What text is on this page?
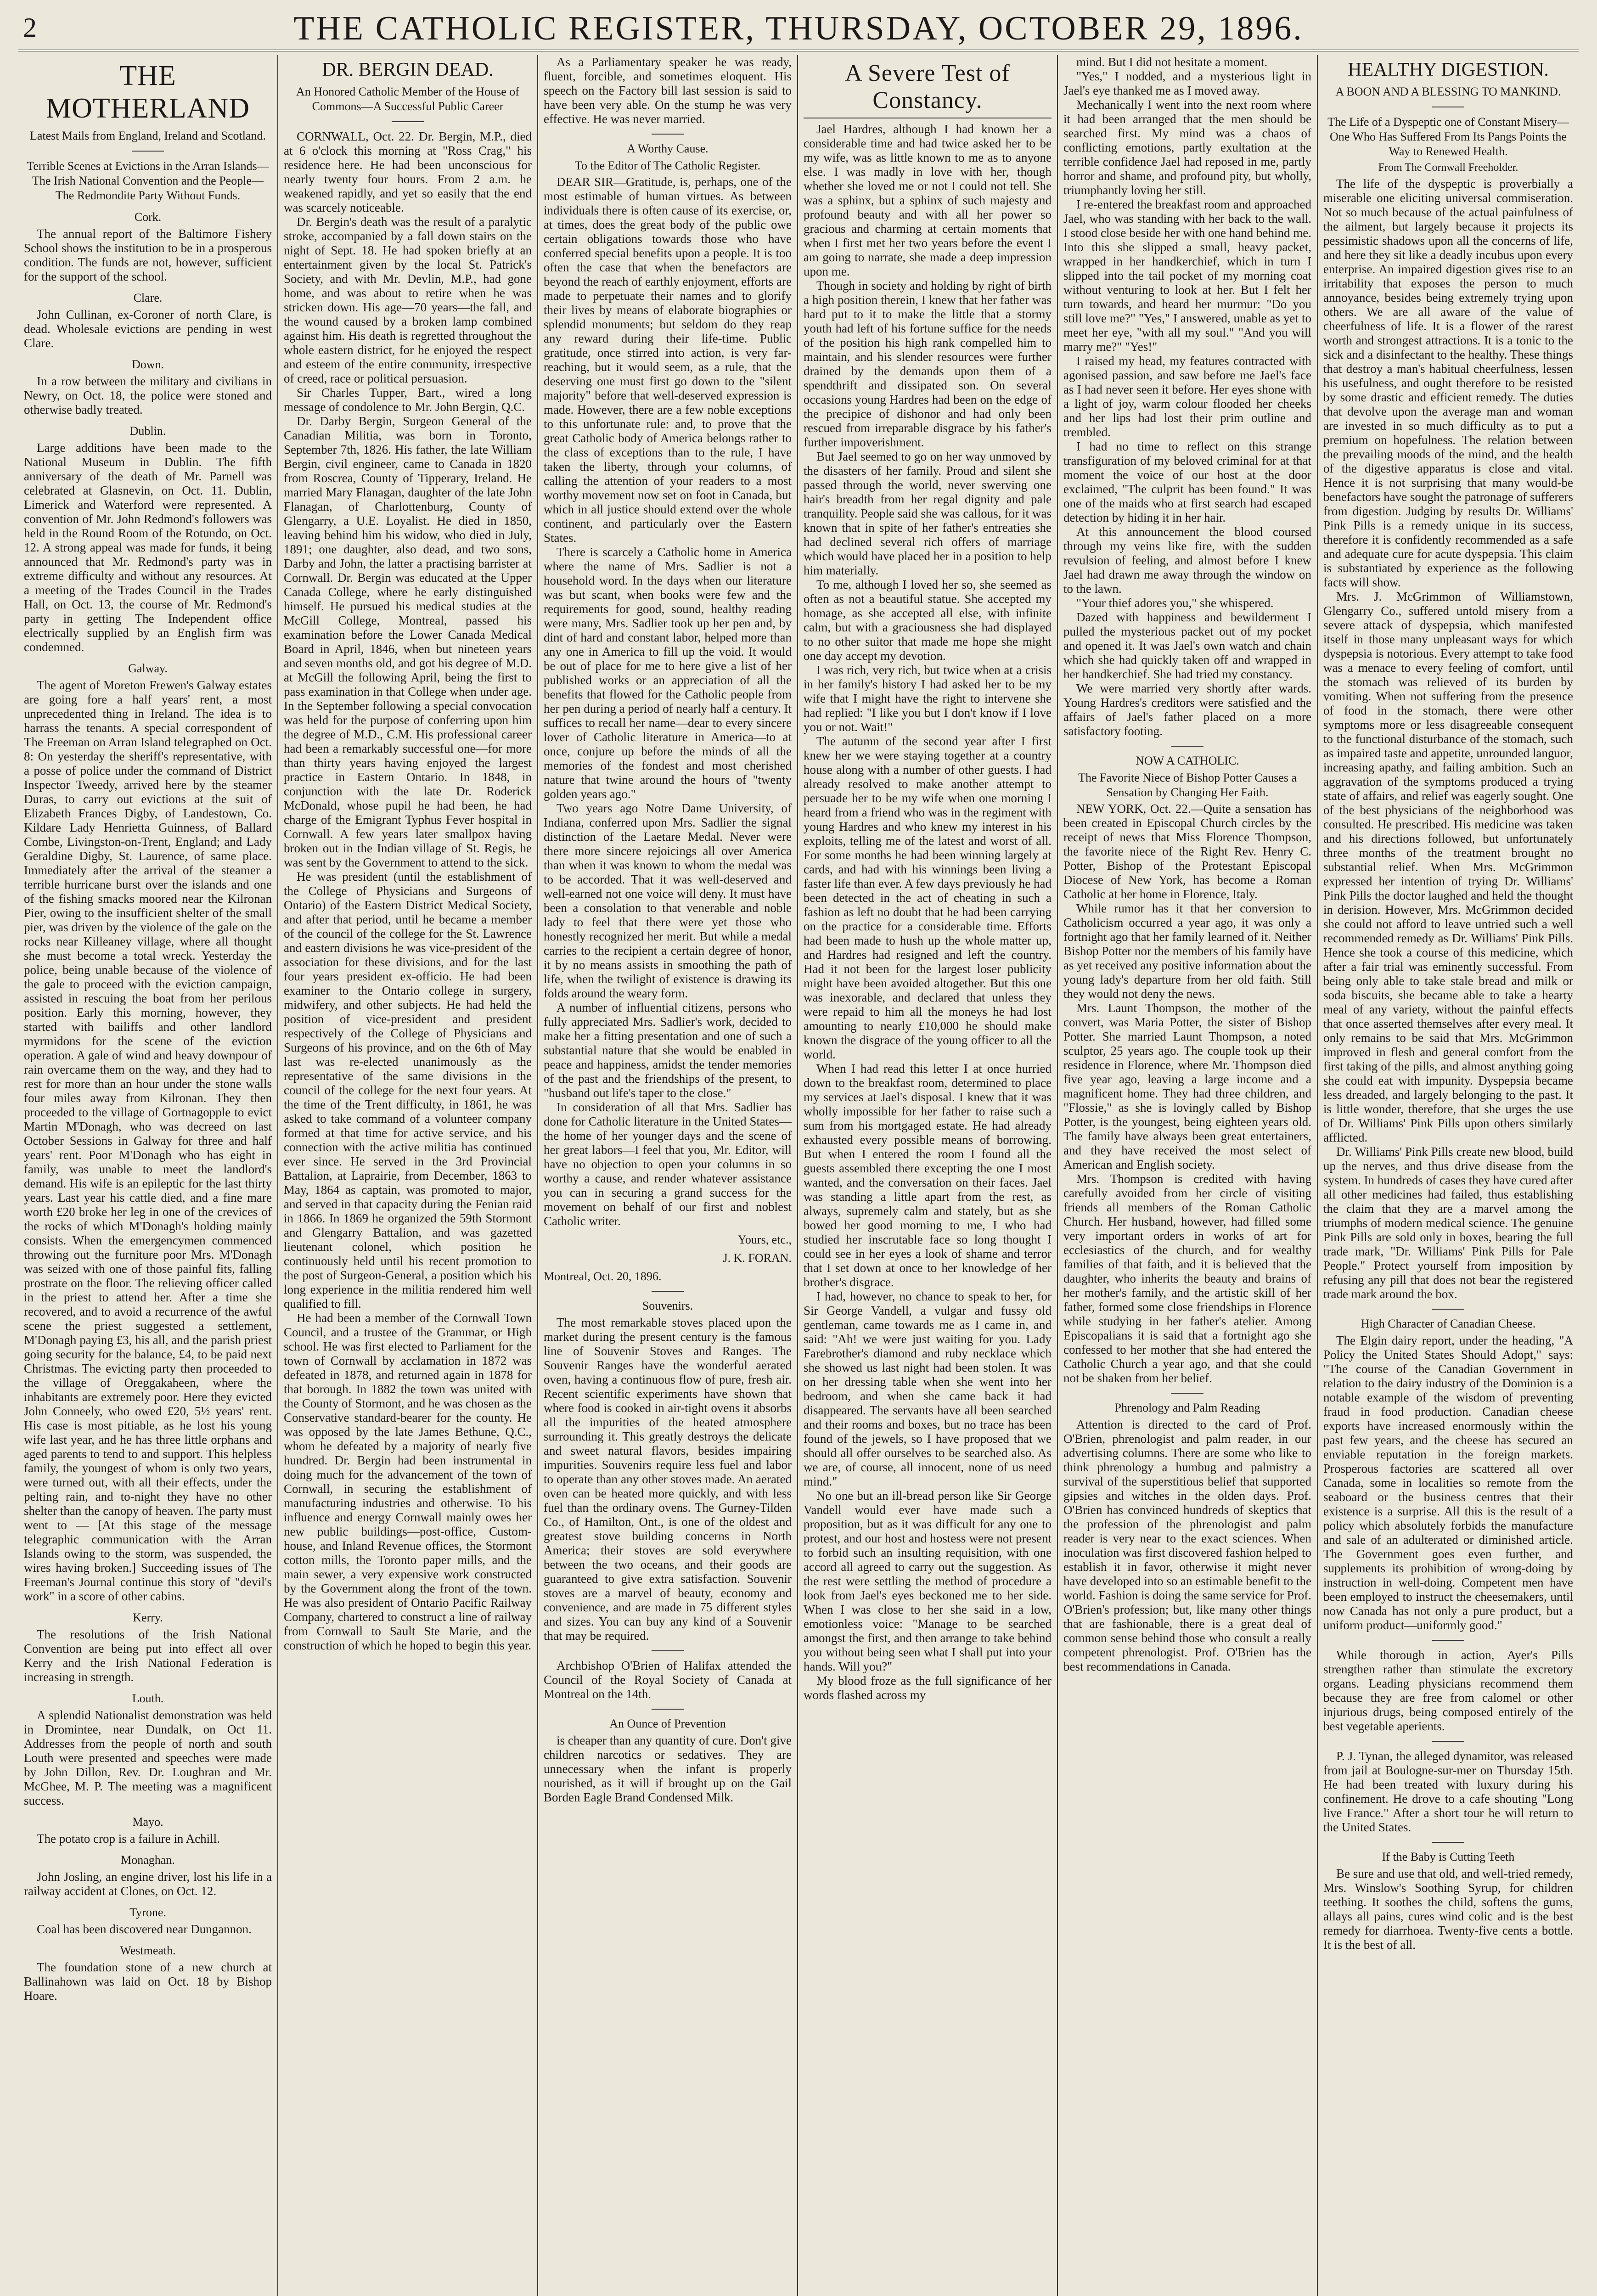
2	THE CATHOLIC REGISTER, THURSDAY, OCTOBER 29, 1896.
THE MOTHERLAND
Latest Mails from England, Ireland and Scotland.
Terrible Scenes at Evictions in the Arran Islands—The Irish National Convention and the People—The Redmondite Party Without Funds.
Cork.

The annual report of the Baltimore Fishery School shows the institution to be in a prosperous condition. The funds are not, however, sufficient for the support of the school.

Clare.

John Cullinan, ex-Coroner of north Clare, is dead. Wholesale evictions are pending in west Clare.

Down.

In a row between the military and civilians in Newry, on Oct. 18, the police were stoned and otherwise badly treated.

Dublin.

Large additions have been made to the National Museum in Dublin. The fifth anniversary of the death of Mr. Parnell was celebrated at Glasnevin, on Oct. 11. Dublin, Limerick and Waterford were represented. A convention of Mr. John Redmond's followers was held in the Round Room of the Rotundo, on Oct. 12. A strong appeal was made for funds, it being announced that Mr. Redmond's party was in extreme difficulty and without any resources. At a meeting of the Trades Council in the Trades Hall, on Oct. 13, the course of Mr. Redmond's party in getting The Independent office electrically supplied by an English firm was condemned.

Galway.

The agent of Moreton Frewen's Galway estates are going fore a half years' rent, a most unprecedented thing in Ireland. The idea is to harrass the tenants. A special correspondent of The Freeman on Arran Island telegraphed on Oct. 8: On yesterday the sheriff's representative, with a posse of police under the command of District Inspector Tweedy, arrived here by the steamer Duras, to carry out evictions at the suit of Elizabeth Frances Digby, of Landestown, Co. Kildare Lady Henrietta Guinness, of Ballard Combe, Livingston-on-Trent, England; and Lady Geraldine Digby, St. Laurence, of same place. Immediately after the arrival of the steamer a terrible hurricane burst over the islands and one of the fishing smacks moored near the Kilronan Pier, owing to the insufficient shelter of the small pier, was driven by the violence of the gale on the rocks near Killeaney village, where all thought she must become a total wreck. Yesterday the police, being unable because of the violence of the gale to proceed with the eviction campaign, assisted in rescuing the boat from her perilous position. Early this morning, however, they started with bailiffs and other landlord myrmidons for the scene of the eviction operation. A gale of wind and heavy downpour of rain overcame them on the way, and they had to rest for more than an hour under the stone walls four miles away from Kilronan. They then proceeded to the village of Gortnagopple to evict Martin M'Donagh, who was decreed on last October Sessions in Galway for three and half years' rent. Poor M'Donagh who has eight in family, was unable to meet the landlord's demand. His wife is an epileptic for the last thirty years. Last year his cattle died, and a fine mare worth £20 broke her leg in one of the crevices of the rocks of which M'Donagh's holding mainly consists. When the emergencymen commenced throwing out the furniture poor Mrs. M'Donagh was seized with one of those painful fits, falling prostrate on the floor. The relieving officer called in the priest to attend her. After a time she recovered, and to avoid a recurrence of the awful scene the priest suggested a settlement, M'Donagh paying £3, his all, and the parish priest going security for the balance, £4, to be paid next Christmas. The evicting party then proceeded to the village of Oreggakaheen, where the inhabitants are extremely poor. Here they evicted John Conneely, who owed £20, 5½ years' rent. His case is most pitiable, as he lost his young wife last year, and he has three little orphans and aged parents to tend to and support. This helpless family, the youngest of whom is only two years, were turned out, with all their effects, under the pelting rain, and to-night they have no other shelter than the canopy of heaven. The party must went to — [At this stage of the message telegraphic communication with the Arran Islands owing to the storm, was suspended, the wires having broken.] Succeeding issues of The Freeman's Journal continue this story of "devil's work" in a score of other cabins.

Kerry.

The resolutions of the Irish National Convention are being put into effect all over Kerry and the Irish National Federation is increasing in strength.

Louth.

A splendid Nationalist demonstration was held in Dromintee, near Dundalk, on Oct 11. Addresses from the people of north and south Louth were presented and speeches were made by John Dillon, Rev. Dr. Loughran and Mr. McGhee, M. P. The meeting was a magnificent success.

Mayo.

The potato crop is a failure in Achill.

Monaghan.

John Josling, an engine driver, lost his life in a railway accident at Clones, on Oct. 12.

Tyrone.

Coal has been discovered near Dungannon.

Westmeath.

The foundation stone of a new church at Ballinahown was laid on Oct. 18 by Bishop Hoare.

DR. BERGIN DEAD.
An Honored Catholic Member of the House of Commons—A Successful Public Career

CORNWALL, Oct. 22. Dr. Bergin, M.P., died at 6 o'clock this morning at "Ross Crag," his residence here. He had been unconscious for nearly twenty four hours. From 2 a.m. he weakened rapidly, and yet so easily that the end was scarcely noticeable.

Dr. Bergin's death was the result of a paralytic stroke, accompanied by a fall down stairs on the night of Sept. 18. He had spoken briefly at an entertainment given by the local St. Patrick's Society, and with Mr. Devlin, M.P., had gone home, and was about to retire when he was stricken down. His age—70 years—the fall, and the wound caused by a broken lamp combined against him. His death is regretted throughout the whole eastern district, for he enjoyed the respect and esteem of the entire community, irrespective of creed, race or political persuasion.

Sir Charles Tupper, Bart., wired a long message of condolence to Mr. John Bergin, Q.C.

Dr. Darby Bergin, Surgeon General of the Canadian Militia, was born in Toronto, September 7th, 1826. His father, the late William Bergin, civil engineer, came to Canada in 1820 from Roscrea, County of Tipperary, Ireland. He married Mary Flanagan, daughter of the late John Flanagan, of Charlottenburg, County of Glengarry, a U.E. Loyalist. He died in 1850, leaving behind him his widow, who died in July, 1891; one daughter, also dead, and two sons, Darby and John, the latter a practising barrister at Cornwall. Dr. Bergin was educated at the Upper Canada College, where he early distinguished himself. He pursued his medical studies at the McGill College, Montreal, passed his examination before the Lower Canada Medical Board in April, 1846, when but nineteen years and seven months old, and got his degree of M.D. at McGill the following April, being the first to pass examination in that College when under age. In the September following a special convocation was held for the purpose of conferring upon him the degree of M.D., C.M. His professional career had been a remarkably successful one—for more than thirty years having enjoyed the largest practice in Eastern Ontario. In 1848, in conjunction with the late Dr. Roderick McDonald, whose pupil he had been, he had charge of the Emigrant Typhus Fever hospital in Cornwall. A few years later smallpox having broken out in the Indian village of St. Regis, he was sent by the Government to attend to the sick.

He was president (until the establishment of the College of Physicians and Surgeons of Ontario) of the Eastern District Medical Society, and after that period, until he became a member of the council of the college for the St. Lawrence and eastern divisions he was vice-president of the association for these divisions, and for the last four years president ex-officio. He had been examiner to the Ontario college in surgery, midwifery, and other subjects. He had held the position of vice-president and president respectively of the College of Physicians and Surgeons of his province, and on the 6th of May last was re-elected unanimously as the representative of the same divisions in the council of the college for the next four years. At the time of the Trent difficulty, in 1861, he was asked to take command of a volunteer company formed at that time for active service, and his connection with the active militia has continued ever since. He served in the 3rd Provincial Battalion, at Laprairie, from December, 1863 to May, 1864 as captain, was promoted to major, and served in that capacity during the Fenian raid in 1866. In 1869 he organized the 59th Stormont and Glengarry Battalion, and was gazetted lieutenant colonel, which position he continuously held until his recent promotion to the post of Surgeon-General, a position which his long experience in the militia rendered him well qualified to fill.

He had been a member of the Cornwall Town Council, and a trustee of the Grammar, or High school. He was first elected to Parliament for the town of Cornwall by acclamation in 1872 was defeated in 1878, and returned again in 1878 for that borough. In 1882 the town was united with the County of Stormont, and he was chosen as the Conservative standard-bearer for the county. He was opposed by the late James Bethune, Q.C., whom he defeated by a majority of nearly five hundred. Dr. Bergin had been instrumental in doing much for the advancement of the town of Cornwall, in securing the establishment of manufacturing industries and otherwise. To his influence and energy Cornwall mainly owes her new public buildings—post-office, Custom-house, and Inland Revenue offices, the Stormont cotton mills, the Toronto paper mills, and the main sewer, a very expensive work constructed by the Government along the front of the town. He was also president of Ontario Pacific Railway Company, chartered to construct a line of railway from Cornwall to Sault Ste Marie, and the construction of which he hoped to begin this year.

As a Parliamentary speaker he was ready, fluent, forcible, and sometimes eloquent. His speech on the Factory bill last session is said to have been very able. On the stump he was very effective. He was never married.

A Worthy Cause.
To the Editor of The Catholic Register.

DEAR SIR—Gratitude, is, perhaps, one of the most estimable of human virtues. As between individuals there is often cause of its exercise, or, at times, does the great body of the public owe certain obligations towards those who have conferred special benefits upon a people. It is too often the case that when the benefactors are beyond the reach of earthly enjoyment, efforts are made to perpetuate their names and to glorify their lives by means of elaborate biographies or splendid monuments; but seldom do they reap any reward during their life-time. Public gratitude, once stirred into action, is very far-reaching, but it would seem, as a rule, that the deserving one must first go down to the "silent majority" before that well-deserved expression is made. However, there are a few noble exceptions to this unfortunate rule: and, to prove that the great Catholic body of America belongs rather to the class of exceptions than to the rule, I have taken the liberty, through your columns, of calling the attention of your readers to a most worthy movement now set on foot in Canada, but which in all justice should extend over the whole continent, and particularly over the Eastern States.

There is scarcely a Catholic home in America where the name of Mrs. Sadlier is not a household word. In the days when our literature was but scant, when books were few and the requirements for good, sound, healthy reading were many, Mrs. Sadlier took up her pen and, by dint of hard and constant labor, helped more than any one in America to fill up the void. It would be out of place for me to here give a list of her published works or an appreciation of all the benefits that flowed for the Catholic people from her pen during a period of nearly half a century. It suffices to recall her name—dear to every sincere lover of Catholic literature in America—to at once, conjure up before the minds of all the memories of the fondest and most cherished nature that twine around the hours of "twenty golden years ago."

Two years ago Notre Dame University, of Indiana, conferred upon Mrs. Sadlier the signal distinction of the Laetare Medal. Never were there more sincere rejoicings all over America than when it was known to whom the medal was to be accorded. That it was well-deserved and well-earned not one voice will deny. It must have been a consolation to that venerable and noble lady to feel that there were yet those who honestly recognized her merit. But while a medal carries to the recipient a certain degree of honor, it by no means assists in smoothing the path of life, when the twilight of existence is drawing its folds around the weary form.

A number of influential citizens, persons who fully appreciated Mrs. Sadlier's work, decided to make her a fitting presentation and one of such a substantial nature that she would be enabled in peace and happiness, amidst the tender memories of the past and the friendships of the present, to "husband out life's taper to the close."

In consideration of all that Mrs. Sadlier has done for Catholic literature in the United States—the home of her younger days and the scene of her great labors—I feel that you, Mr. Editor, will have no objection to open your columns in so worthy a cause, and render whatever assistance you can in securing a grand success for the movement on behalf of our first and noblest Catholic writer.

Yours, etc.,
J. K. FORAN.
Montreal, Oct. 20, 1896.
Souvenirs.

The most remarkable stoves placed upon the market during the present century is the famous line of Souvenir Stoves and Ranges. The Souvenir Ranges have the wonderful aerated oven, having a continuous flow of pure, fresh air. Recent scientific experiments have shown that where food is cooked in air-tight ovens it absorbs all the impurities of the heated atmosphere surrounding it. This greatly destroys the delicate and sweet natural flavors, besides impairing impurities. Souvenirs require less fuel and labor to operate than any other stoves made. An aerated oven can be heated more quickly, and with less fuel than the ordinary ovens. The Gurney-Tilden Co., of Hamilton, Ont., is one of the oldest and greatest stove building concerns in North America; their stoves are sold everywhere between the two oceans, and their goods are guaranteed to give extra satisfaction. Souvenir stoves are a marvel of beauty, economy and convenience, and are made in 75 different styles and sizes. You can buy any kind of a Souvenir that may be required.

Archbishop O'Brien of Halifax attended the Council of the Royal Society of Canada at Montreal on the 14th.

An Ounce of Prevention

is cheaper than any quantity of cure. Don't give children narcotics or sedatives. They are unnecessary when the infant is properly nourished, as it will if brought up on the Gail Borden Eagle Brand Condensed Milk.

A Severe Test of Constancy.

Jael Hardres, although I had known her a considerable time and had twice asked her to be my wife, was as little known to me as to anyone else. I was madly in love with her, though whether she loved me or not I could not tell. She was a sphinx, but a sphinx of such majesty and profound beauty and with all her power so gracious and charming at certain moments that when I first met her two years before the event I am going to narrate, she made a deep impression upon me.

Though in society and holding by right of birth a high position therein, I knew that her father was hard put to it to make the little that a stormy youth had left of his fortune suffice for the needs of the position his high rank compelled him to maintain, and his slender resources were further drained by the demands upon them of a spendthrift and dissipated son. On several occasions young Hardres had been on the edge of the precipice of dishonor and had only been rescued from irreparable disgrace by his father's further impoverishment.

But Jael seemed to go on her way unmoved by the disasters of her family. Proud and silent she passed through the world, never swerving one hair's breadth from her regal dignity and pale tranquility. People said she was callous, for it was known that in spite of her father's entreaties she had declined several rich offers of marriage which would have placed her in a position to help him materially.

To me, although I loved her so, she seemed as often as not a beautiful statue. She accepted my homage, as she accepted all else, with infinite calm, but with a graciousness she had displayed to no other suitor that made me hope she might one day accept my devotion.

I was rich, very rich, but twice when at a crisis in her family's history I had asked her to be my wife that I might have the right to intervene she had replied: "I like you but I don't know if I love you or not. Wait!"

The autumn of the second year after I first knew her we were staying together at a country house along with a number of other guests. I had already resolved to make another attempt to persuade her to be my wife when one morning I heard from a friend who was in the regiment with young Hardres and who knew my interest in his exploits, telling me of the latest and worst of all. For some months he had been winning largely at cards, and had with his winnings been living a faster life than ever. A few days previously he had been detected in the act of cheating in such a fashion as left no doubt that he had been carrying on the practice for a considerable time. Efforts had been made to hush up the whole matter up, and Hardres had resigned and left the country. Had it not been for the largest loser publicity might have been avoided altogether. But this one was inexorable, and declared that unless they were repaid to him all the moneys he had lost amounting to nearly £10,000 he should make known the disgrace of the young officer to all the world.

When I had read this letter I at once hurried down to the breakfast room, determined to place my services at Jael's disposal. I knew that it was wholly impossible for her father to raise such a sum from his mortgaged estate. He had already exhausted every possible means of borrowing. But when I entered the room I found all the guests assembled there excepting the one I most wanted, and the conversation on their faces. Jael was standing a little apart from the rest, as always, supremely calm and stately, but as she bowed her good morning to me, I who had studied her inscrutable face so long thought I could see in her eyes a look of shame and terror that I set down at once to her knowledge of her brother's disgrace.

I had, however, no chance to speak to her, for Sir George Vandell, a vulgar and fussy old gentleman, came towards me as I came in, and said: "Ah! we were just waiting for you. Lady Farebrother's diamond and ruby necklace which she showed us last night had been stolen. It was on her dressing table when she went into her bedroom, and when she came back it had disappeared. The servants have all been searched and their rooms and boxes, but no trace has been found of the jewels, so I have proposed that we should all offer ourselves to be searched also. As we are, of course, all innocent, none of us need mind."

No one but an ill-bread person like Sir George Vandell would ever have made such a proposition, but as it was difficult for any one to protest, and our host and hostess were not present to forbid such an insulting requisition, with one accord all agreed to carry out the suggestion. As the rest were settling the method of procedure a look from Jael's eyes beckoned me to her side. When I was close to her she said in a low, emotionless voice: "Manage to be searched amongst the first, and then arrange to take behind you without being seen what I shall put into your hands. Will you?"

My blood froze as the full significance of her words flashed across my

mind. But I did not hesitate a moment.

"Yes," I nodded, and a mysterious light in Jael's eye thanked me as I moved away.

Mechanically I went into the next room where it had been arranged that the men should be searched first. My mind was a chaos of conflicting emotions, partly exultation at the terrible confidence Jael had reposed in me, partly horror and shame, and profound pity, but wholly, triumphantly loving her still.

I re-entered the breakfast room and approached Jael, who was standing with her back to the wall. I stood close beside her with one hand behind me. Into this she slipped a small, heavy packet, wrapped in her handkerchief, which in turn I slipped into the tail pocket of my morning coat without venturing to look at her. But I felt her turn towards, and heard her murmur: "Do you still love me?" "Yes," I answered, unable as yet to meet her eye, "with all my soul." "And you will marry me?" "Yes!"

I raised my head, my features contracted with agonised passion, and saw before me Jael's face as I had never seen it before. Her eyes shone with a light of joy, warm colour flooded her cheeks and her lips had lost their prim outline and trembled.

I had no time to reflect on this strange transfiguration of my beloved criminal for at that moment the voice of our host at the door exclaimed, "The culprit has been found." It was one of the maids who at first search had escaped detection by hiding it in her hair.

At this announcement the blood coursed through my veins like fire, with the sudden revulsion of feeling, and almost before I knew Jael had drawn me away through the window on to the lawn.

"Your thief adores you," she whispered.

Dazed with happiness and bewilderment I pulled the mysterious packet out of my pocket and opened it. It was Jael's own watch and chain which she had quickly taken off and wrapped in her handkerchief. She had tried my constancy.

We were married very shortly after wards. Young Hardres's creditors were satisfied and the affairs of Jael's father placed on a more satisfactory footing.

NOW A CATHOLIC.
The Favorite Niece of Bishop Potter Causes a Sensation by Changing Her Faith.

NEW YORK, Oct. 22.—Quite a sensation has been created in Episcopal Church circles by the receipt of news that Miss Florence Thompson, the favorite niece of the Right Rev. Henry C. Potter, Bishop of the Protestant Episcopal Diocese of New York, has become a Roman Catholic at her home in Florence, Italy.

While rumor has it that her conversion to Catholicism occurred a year ago, it was only a fortnight ago that her family learned of it. Neither Bishop Potter nor the members of his family have as yet received any positive information about the young lady's departure from her old faith. Still they would not deny the news.

Mrs. Launt Thompson, the mother of the convert, was Maria Potter, the sister of Bishop Potter. She married Launt Thompson, a noted sculptor, 25 years ago. The couple took up their residence in Florence, where Mr. Thompson died five year ago, leaving a large income and a magnificent home. They had three children, and "Flossie," as she is lovingly called by Bishop Potter, is the youngest, being eighteen years old. The family have always been great entertainers, and they have received the most select of American and English society.

Mrs. Thompson is credited with having carefully avoided from her circle of visiting friends all members of the Roman Catholic Church. Her husband, however, had filled some very important orders in works of art for ecclesiastics of the church, and for wealthy families of that faith, and it is believed that the daughter, who inherits the beauty and brains of her mother's family, and the artistic skill of her father, formed some close friendships in Florence while studying in her father's atelier. Among Episcopalians it is said that a fortnight ago she confessed to her mother that she had entered the Catholic Church a year ago, and that she could not be shaken from her belief.

Phrenology and Palm Reading

Attention is directed to the card of Prof. O'Brien, phrenologist and palm reader, in our advertising columns. There are some who like to think phrenology a humbug and palmistry a survival of the superstitious belief that supported gipsies and witches in the olden days. Prof. O'Brien has convinced hundreds of skeptics that the profession of the phrenologist and palm reader is very near to the exact sciences. When inoculation was first discovered fashion helped to establish it in favor, otherwise it might never have developed into so an estimable benefit to the world. Fashion is doing the same service for Prof. O'Brien's profession; but, like many other things that are fashionable, there is a great deal of common sense behind those who consult a really competent phrenologist. Prof. O'Brien has the best recommendations in Canada.

HEALTHY DIGESTION.
A BOON AND A BLESSING TO MANKIND.
The Life of a Dyspeptic one of Constant Misery—One Who Has Suffered From Its Pangs Points the Way to Renewed Health.
From The Cornwall Freeholder.

The life of the dyspeptic is proverbially a miserable one eliciting universal commiseration. Not so much because of the actual painfulness of the ailment, but largely because it projects its pessimistic shadows upon all the concerns of life, and here they sit like a deadly incubus upon every enterprise. An impaired digestion gives rise to an irritability that exposes the person to much annoyance, besides being extremely trying upon others. We are all aware of the value of cheerfulness of life. It is a flower of the rarest worth and strongest attractions. It is a tonic to the sick and a disinfectant to the healthy. These things that destroy a man's habitual cheerfulness, lessen his usefulness, and ought therefore to be resisted by some drastic and efficient remedy. The duties that devolve upon the average man and woman are invested in so much difficulty as to put a premium on hopefulness. The relation between the prevailing moods of the mind, and the health of the digestive apparatus is close and vital. Hence it is not surprising that many would-be benefactors have sought the patronage of sufferers from digestion. Judging by results Dr. Williams' Pink Pills is a remedy unique in its success, therefore it is confidently recommended as a safe and adequate cure for acute dyspepsia. This claim is substantiated by experience as the following facts will show.

Mrs. J. McGrimmon of Williamstown, Glengarry Co., suffered untold misery from a severe attack of dyspepsia, which manifested itself in those many unpleasant ways for which dyspepsia is notorious. Every attempt to take food was a menace to every feeling of comfort, until the stomach was relieved of its burden by vomiting. When not suffering from the presence of food in the stomach, there were other symptoms more or less disagreeable consequent to the functional disturbance of the stomach, such as impaired taste and appetite, unrounded languor, increasing apathy, and failing ambition. Such an aggravation of the symptoms produced a trying state of affairs, and relief was eagerly sought. One of the best physicians of the neighborhood was consulted. He prescribed. His medicine was taken and his directions followed, but unfortunately three months of the treatment brought no substantial relief. When Mrs. McGrimmon expressed her intention of trying Dr. Williams' Pink Pills the doctor laughed and held the thought in derision. However, Mrs. McGrimmon decided she could not afford to leave untried such a well recommended remedy as Dr. Williams' Pink Pills. Hence she took a course of this medicine, which after a fair trial was eminently successful. From being only able to take stale bread and milk or soda biscuits, she became able to take a hearty meal of any variety, without the painful effects that once asserted themselves after every meal. It only remains to be said that Mrs. McGrimmon improved in flesh and general comfort from the first taking of the pills, and almost anything going she could eat with impunity. Dyspepsia became less dreaded, and largely belonging to the past. It is little wonder, therefore, that she urges the use of Dr. Williams' Pink Pills upon others similarly afflicted.

Dr. Williams' Pink Pills create new blood, build up the nerves, and thus drive disease from the system. In hundreds of cases they have cured after all other medicines had failed, thus establishing the claim that they are a marvel among the triumphs of modern medical science. The genuine Pink Pills are sold only in boxes, bearing the full trade mark, "Dr. Williams' Pink Pills for Pale People." Protect yourself from imposition by refusing any pill that does not bear the registered trade mark around the box.

High Character of Canadian Cheese.

The Elgin dairy report, under the heading, "A Policy the United States Should Adopt," says: "The course of the Canadian Government in relation to the dairy industry of the Dominion is a notable example of the wisdom of preventing fraud in food production. Canadian cheese exports have increased enormously within the past few years, and the cheese has secured an enviable reputation in the foreign markets. Prosperous factories are scattered all over Canada, some in localities so remote from the seaboard or the business centres that their existence is a surprise. All this is the result of a policy which absolutely forbids the manufacture and sale of an adulterated or diminished article. The Government goes even further, and supplements its prohibition of wrong-doing by instruction in well-doing. Competent men have been employed to instruct the cheesemakers, until now Canada has not only a pure product, but a uniform product—uniformly good."

While thorough in action, Ayer's Pills strengthen rather than stimulate the excretory organs. Leading physicians recommend them because they are free from calomel or other injurious drugs, being composed entirely of the best vegetable aperients.

P. J. Tynan, the alleged dynamitor, was released from jail at Boulogne-sur-mer on Thursday 15th. He had been treated with luxury during his confinement. He drove to a cafe shouting "Long live France." After a short tour he will return to the United States.

If the Baby is Cutting Teeth

Be sure and use that old, and well-tried remedy, Mrs. Winslow's Soothing Syrup, for children teething. It soothes the child, softens the gums, allays all pains, cures wind colic and is the best remedy for diarrhoea. Twenty-five cents a bottle. It is the best of all.
